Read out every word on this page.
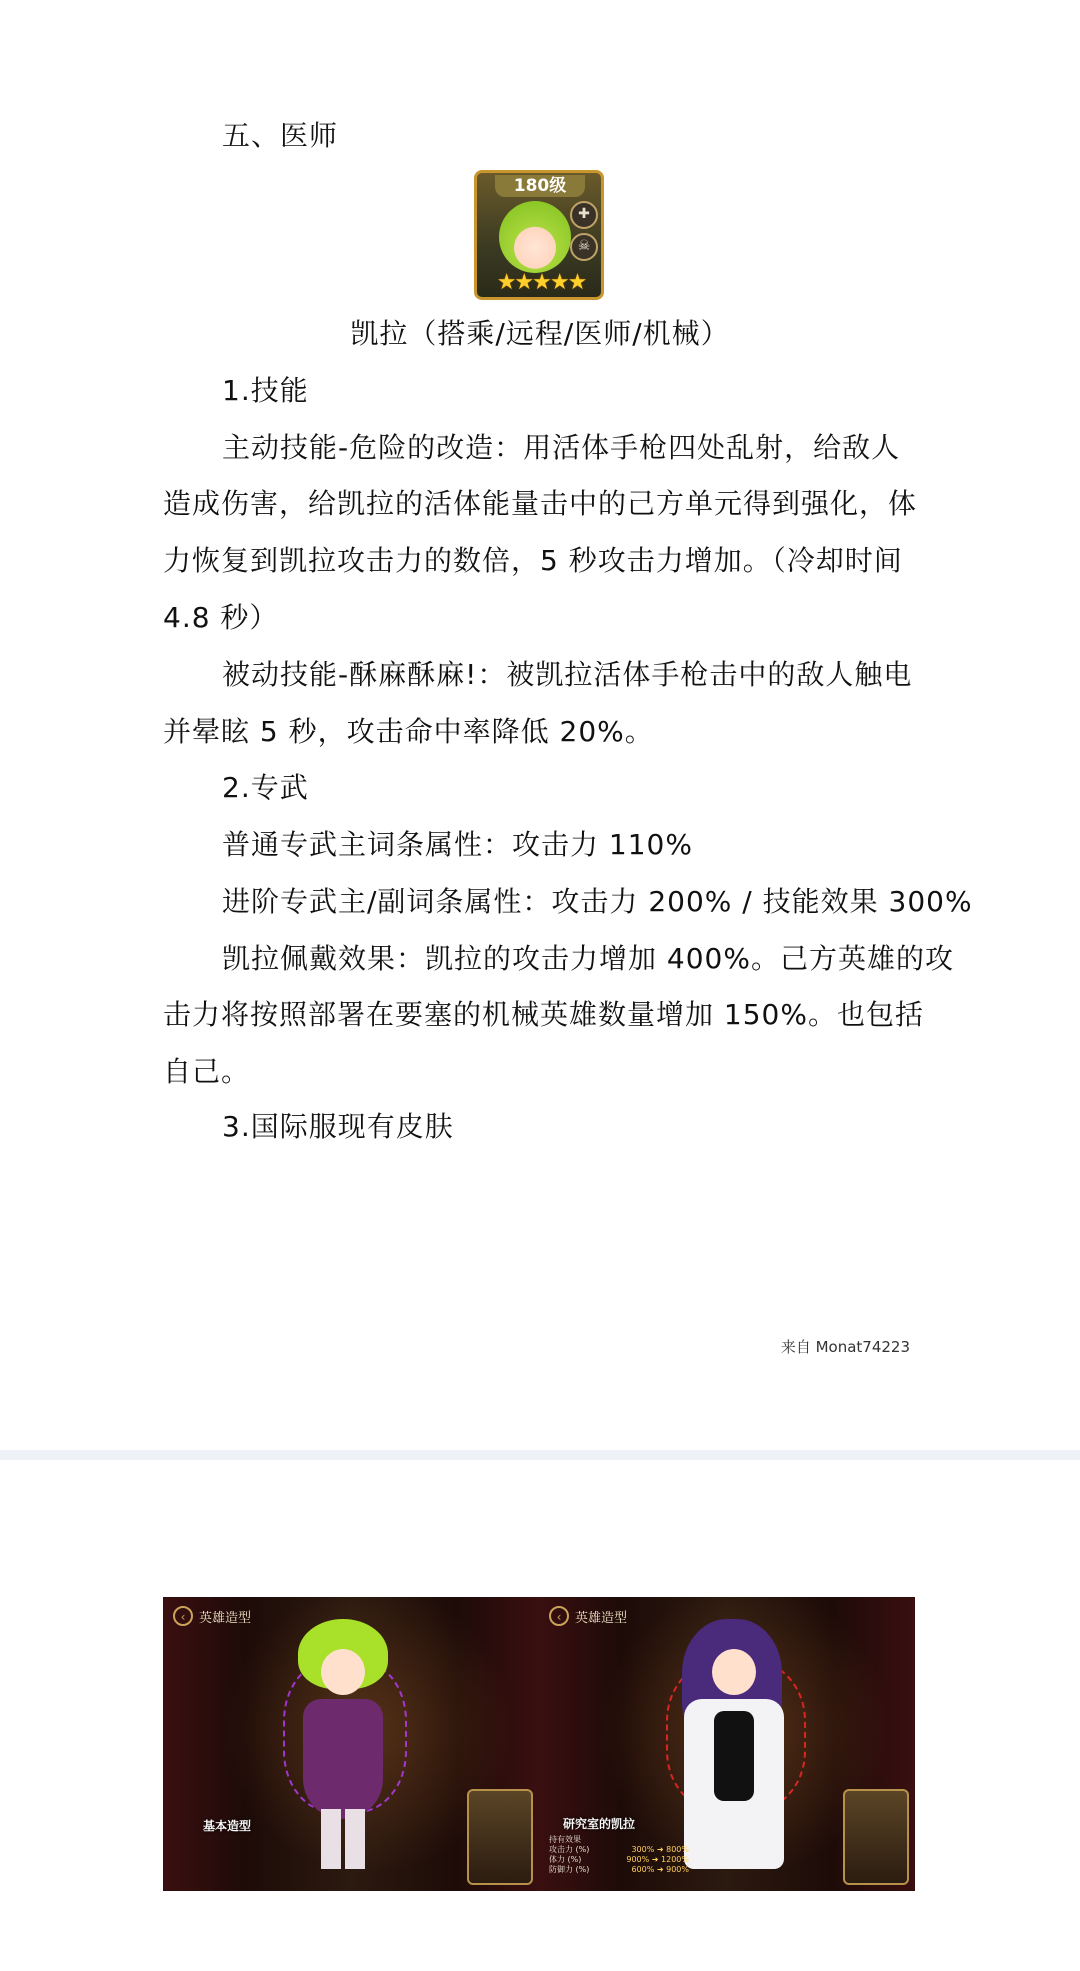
五、医师
180级
✚
☠
★★★★★
凯拉（搭乘/远程/医师/机械）
1.技能
主动技能-危险的改造：用活体手枪四处乱射，给敌人
造成伤害，给凯拉的活体能量击中的己方单元得到强化，体
力恢复到凯拉攻击力的数倍，5 秒攻击力增加。（冷却时间
4.8 秒）
被动技能-酥麻酥麻!：被凯拉活体手枪击中的敌人触电
并晕眩 5 秒，攻击命中率降低 20%。
2.专武
普通专武主词条属性：攻击力 110%
进阶专武主/副词条属性：攻击力 200% / 技能效果 300%
凯拉佩戴效果：凯拉的攻击力增加 400%。己方英雄的攻
击力将按照部署在要塞的机械英雄数量增加 150%。也包括
自己。
3.国际服现有皮肤
来自 Monat74223
‹	英雄造型
基本造型
‹	英雄造型
研究室的凯拉
持有效果
攻击力 (%)	300% ➜ 800%
体力 (%)	900% ➜ 1200%
防御力 (%)	600% ➜ 900%
